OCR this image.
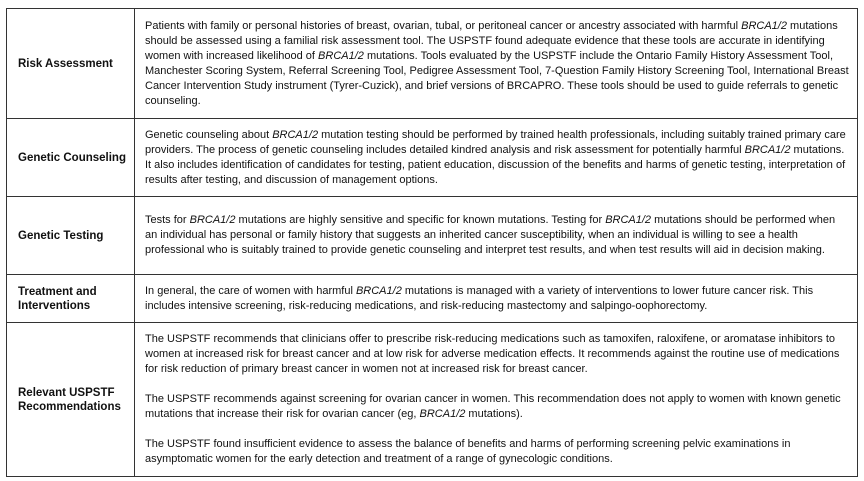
Risk Assessment	Patients with family or personal histories of breast, ovarian, tubal, or peritoneal cancer or ancestry associated with harmful BRCA1/2 mutations should be assessed using a familial risk assessment tool. The USPSTF found adequate evidence that these tools are accurate in identifying women with increased likelihood of BRCA1/2 mutations. Tools evaluated by the USPSTF include the Ontario Family History Assessment Tool, Manchester Scoring System, Referral Screening Tool, Pedigree Assessment Tool, 7-Question Family History Screening Tool, International Breast Cancer Intervention Study instrument (Tyrer-Cuzick), and brief versions of BRCAPRO. These tools should be used to guide referrals to genetic counseling.

Genetic Counseling	Genetic counseling about BRCA1/2 mutation testing should be performed by trained health professionals, including suitably trained primary care providers. The process of genetic counseling includes detailed kindred analysis and risk assessment for potentially harmful BRCA1/2 mutations. It also includes identification of candidates for testing, patient education, discussion of the benefits and harms of genetic testing, interpretation of results after testing, and discussion of management options.

Genetic Testing	Tests for BRCA1/2 mutations are highly sensitive and specific for known mutations. Testing for BRCA1/2 mutations should be performed when an individual has personal or family history that suggests an inherited cancer susceptibility, when an individual is willing to see a health professional who is suitably trained to provide genetic counseling and interpret test results, and when test results will aid in decision making.

Treatment and Interventions	In general, the care of women with harmful BRCA1/2 mutations is managed with a variety of interventions to lower future cancer risk. This includes intensive screening, risk-reducing medications, and risk-reducing mastectomy and salpingo-oophorectomy.

Relevant USPSTF Recommendations	The USPSTF recommends that clinicians offer to prescribe risk-reducing medications such as tamoxifen, raloxifene, or aromatase inhibitors to women at increased risk for breast cancer and at low risk for adverse medication effects. It recommends against the routine use of medications for risk reduction of primary breast cancer in women not at increased risk for breast cancer.

The USPSTF recommends against screening for ovarian cancer in women. This recommendation does not apply to women with known genetic mutations that increase their risk for ovarian cancer (eg, BRCA1/2 mutations).

The USPSTF found insufficient evidence to assess the balance of benefits and harms of performing screening pelvic examinations in asymptomatic women for the early detection and treatment of a range of gynecologic conditions.
